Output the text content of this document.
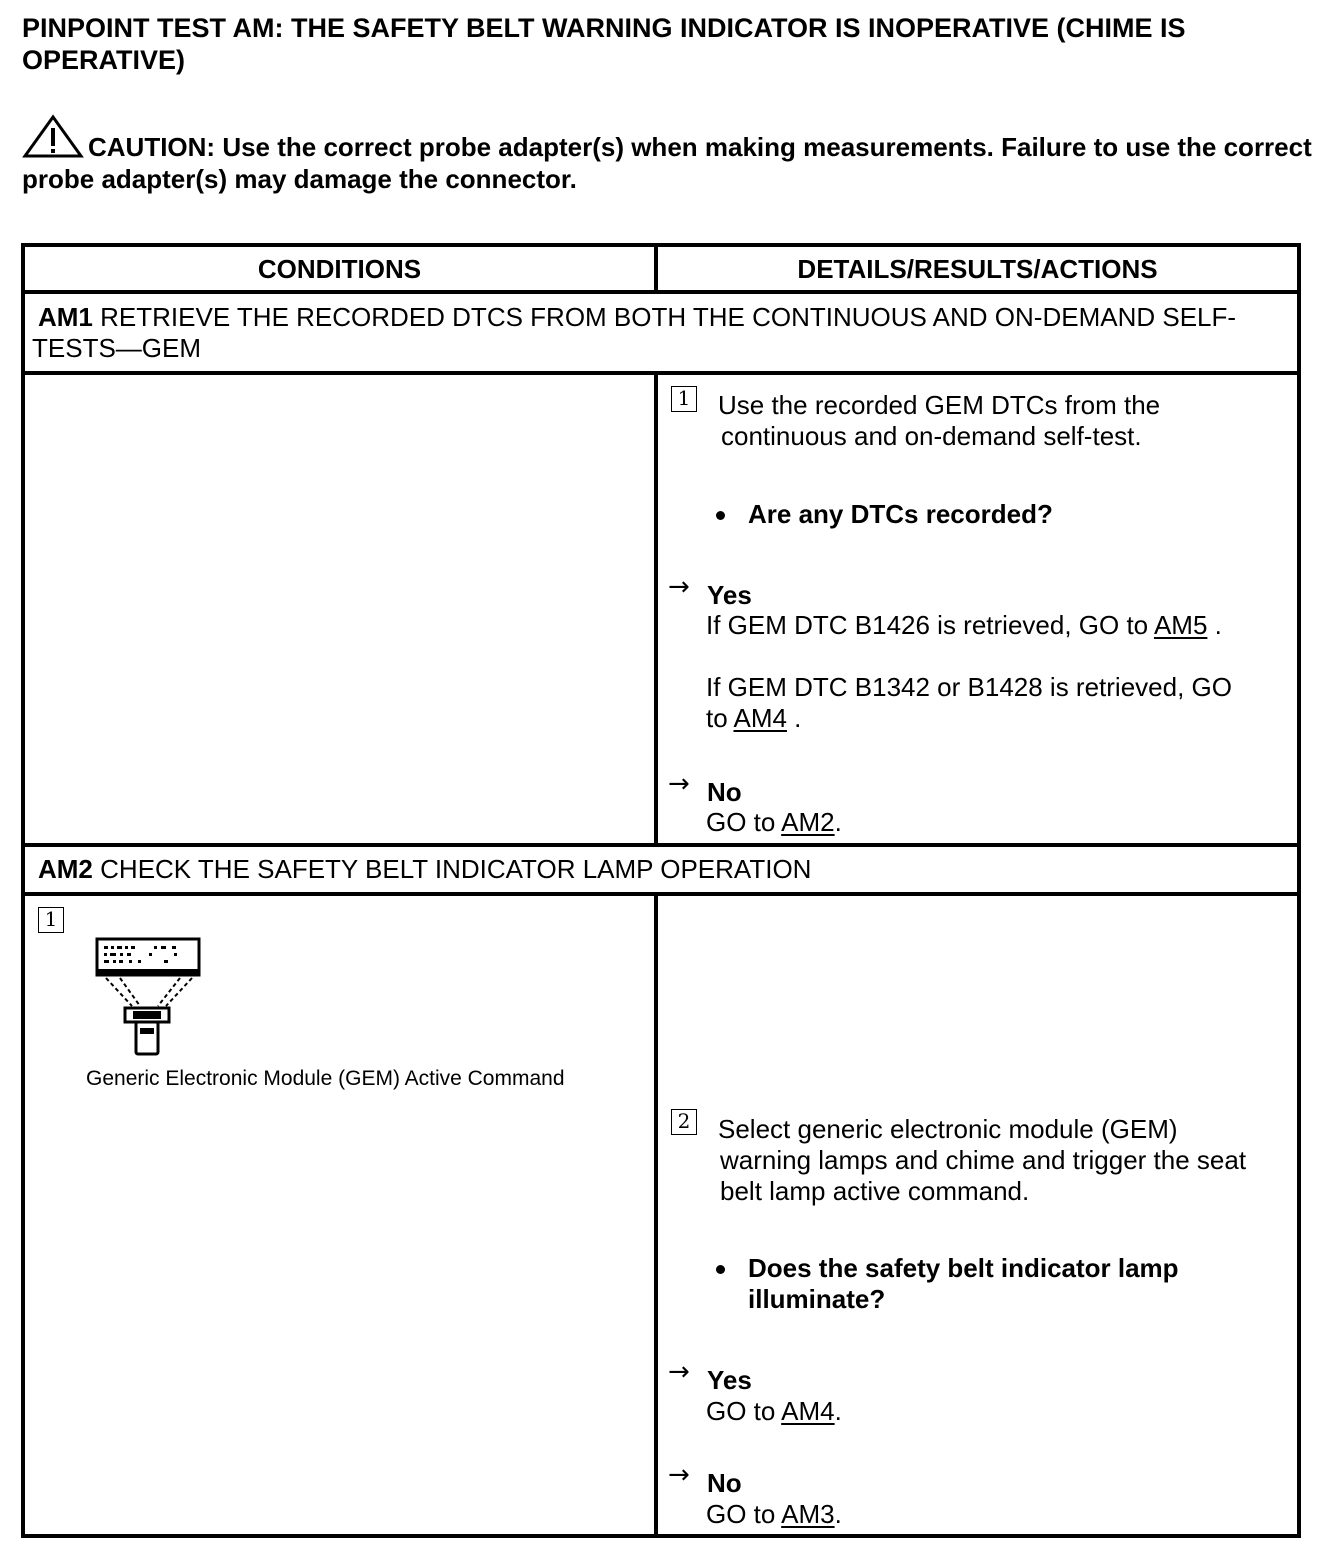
PINPOINT TEST AM: THE SAFETY BELT WARNING INDICATOR IS INOPERATIVE (CHIME IS OPERATIVE)
CAUTION: Use the correct probe adapter(s) when making measurements. Failure to use the correct probe adapter(s) may damage the connector.
CONDITIONS	DETAILS/RESULTS/ACTIONS
AM1 RETRIEVE THE RECORDED DTCS FROM BOTH THE CONTINUOUS AND ON-DEMAND SELF-TESTS—GEM
1 Use the recorded GEM DTCs from the
continuous and on-demand self-test.
Are any DTCs recorded?
→ Yes
If GEM DTC B1426 is retrieved, GO to AM5 .
If GEM DTC B1342 or B1428 is retrieved, GO
to AM4 .
→ No
GO to AM2.
AM2 CHECK THE SAFETY BELT INDICATOR LAMP OPERATION
1
Generic Electronic Module (GEM) Active Command
2 Select generic electronic module (GEM)
warning lamps and chime and trigger the seat
belt lamp active command.
Does the safety belt indicator lamp
illuminate?
→ Yes
GO to AM4.
→ No
GO to AM3.
